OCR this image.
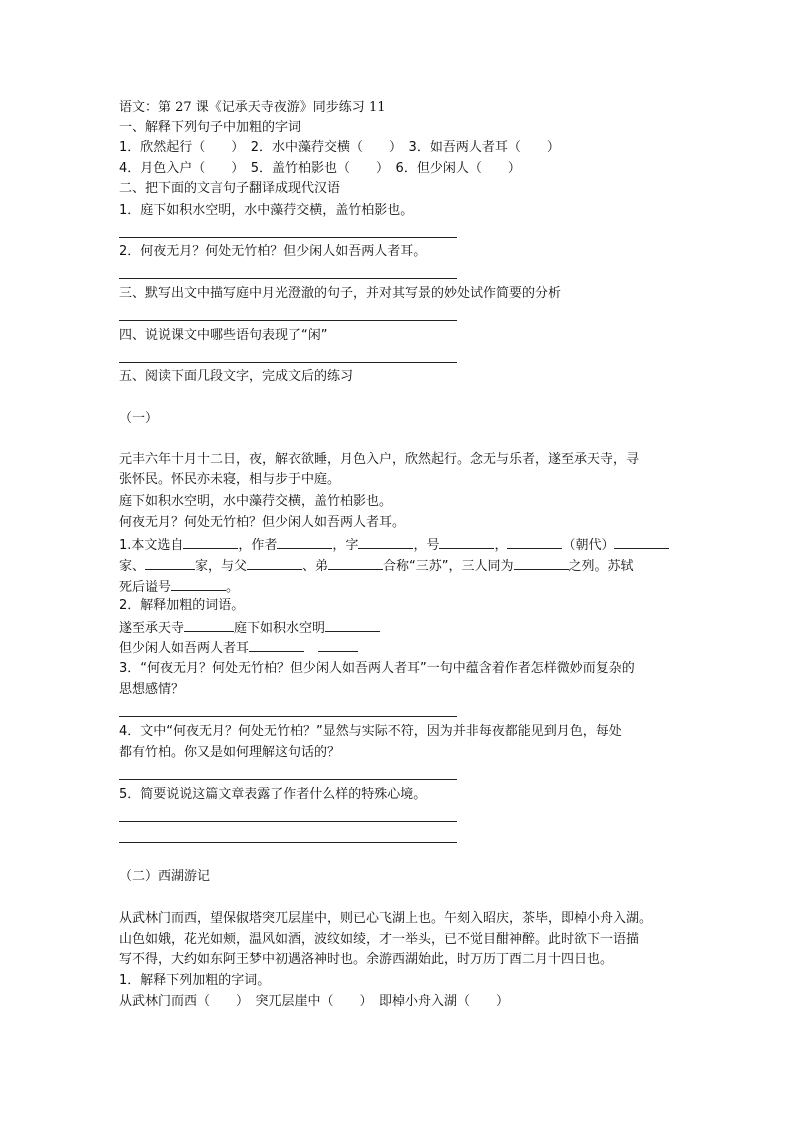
语文：第 27 课《记承天寺夜游》同步练习 11
一、解释下列句子中加粗的字词
1．欣然起行（　　）　2．水中藻荇交横（　　）　3．如吾两人者耳（　　）
4．月色入户（　　）　5．盖竹柏影也（　　）　6．但少闲人（　　）
二、把下面的文言句子翻译成现代汉语
1．庭下如积水空明，水中藻荇交横，盖竹柏影也。
2．何夜无月？何处无竹柏？但少闲人如吾两人者耳。
三、默写出文中描写庭中月光澄澈的句子，并对其写景的妙处试作简要的分析
四、说说课文中哪些语句表现了“闲”
五、阅读下面几段文字，完成文后的练习
（一）
元丰六年十月十二日，夜，解衣欲睡，月色入户，欣然起行。念无与乐者，遂至承天寺，寻
张怀民。怀民亦未寝，相与步于中庭。
庭下如积水空明，水中藻荇交横，盖竹柏影也。
何夜无月？何处无竹柏？但少闲人如吾两人者耳。
1.本文选自	，作者	，字	，号	，	（朝代）
家、	家，与父	、弟	合称“三苏”，三人同为	之列。苏轼
死后谥号	。
2．解释加粗的词语。
遂至承天寺	庭下如积水空明
但少闲人如吾两人者耳
3．“何夜无月？何处无竹柏？但少闲人如吾两人者耳”一句中蕴含着作者怎样微妙而复杂的
思想感情？
4．文中“何夜无月？何处无竹柏？”显然与实际不符，因为并非每夜都能见到月色，每处
都有竹柏。你又是如何理解这句话的？
5．简要说说这篇文章表露了作者什么样的特殊心境。
（二）西湖游记
从武林门而西，望保俶塔突兀层崖中，则已心飞湖上也。午刻入昭庆，茶毕，即棹小舟入湖。
山色如娥，花光如颊，温风如酒，波纹如绫，才一举头，已不觉目酣神醉。此时欲下一语描
写不得，大约如东阿王梦中初遇洛神时也。余游西湖始此，时万历丁酉二月十四日也。
1．解释下列加粗的字词。
从武林门而西（　　）　突兀层崖中（　　）　即棹小舟入湖（　　）
